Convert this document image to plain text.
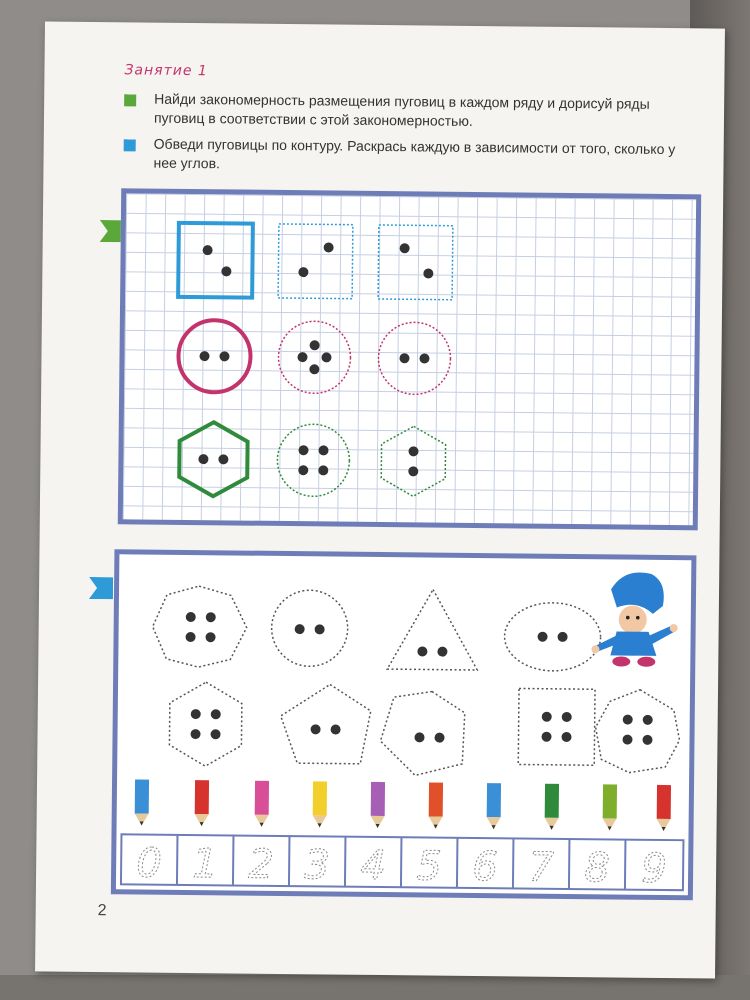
Занятие 1
Найди закономерность размещения пуговиц в каждом ряду и дорисуй ряды пуговиц в соответствии с этой закономерностью.
Обведи пуговицы по контуру. Раскрась каждую в зависимости от того, сколько у нее углов.
0 1 2 3 4 5 6 7 8 9
2
